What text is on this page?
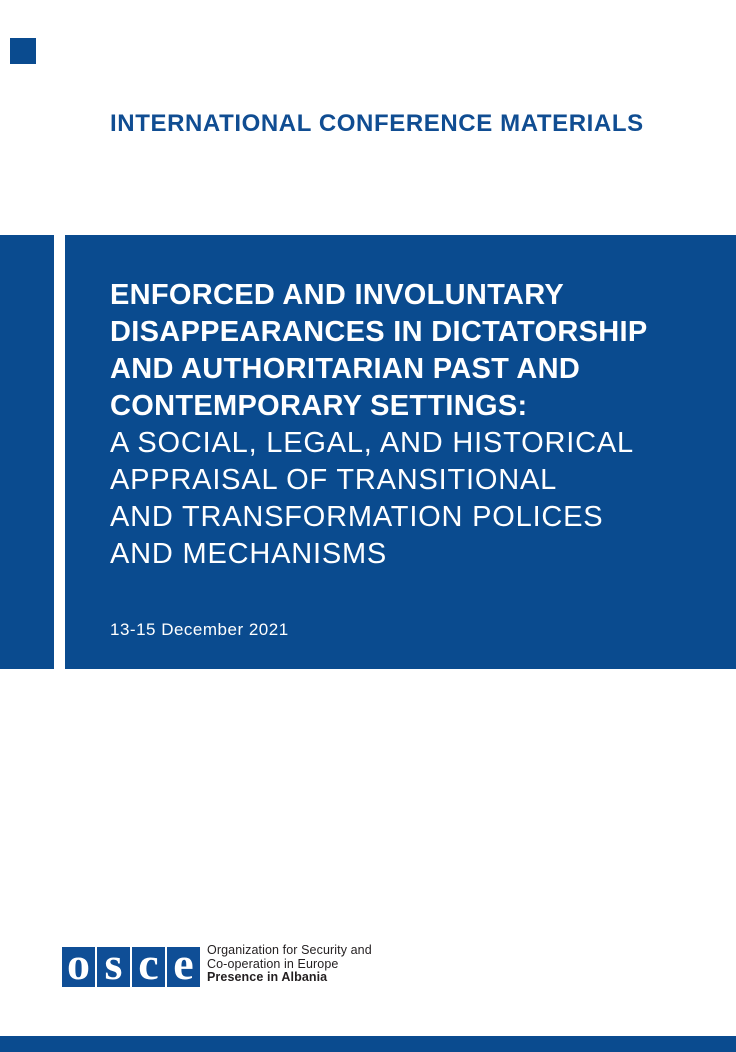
INTERNATIONAL CONFERENCE MATERIALS
ENFORCED AND INVOLUNTARY
DISAPPEARANCES IN DICTATORSHIP
AND AUTHORITARIAN PAST AND
CONTEMPORARY SETTINGS:
A SOCIAL, LEGAL, AND HISTORICAL
APPRAISAL OF TRANSITIONAL
AND TRANSFORMATION POLICES
AND MECHANISMS
13-15 December 2021
o s c e Organization for Security and
Co-operation in Europe
Presence in Albania
